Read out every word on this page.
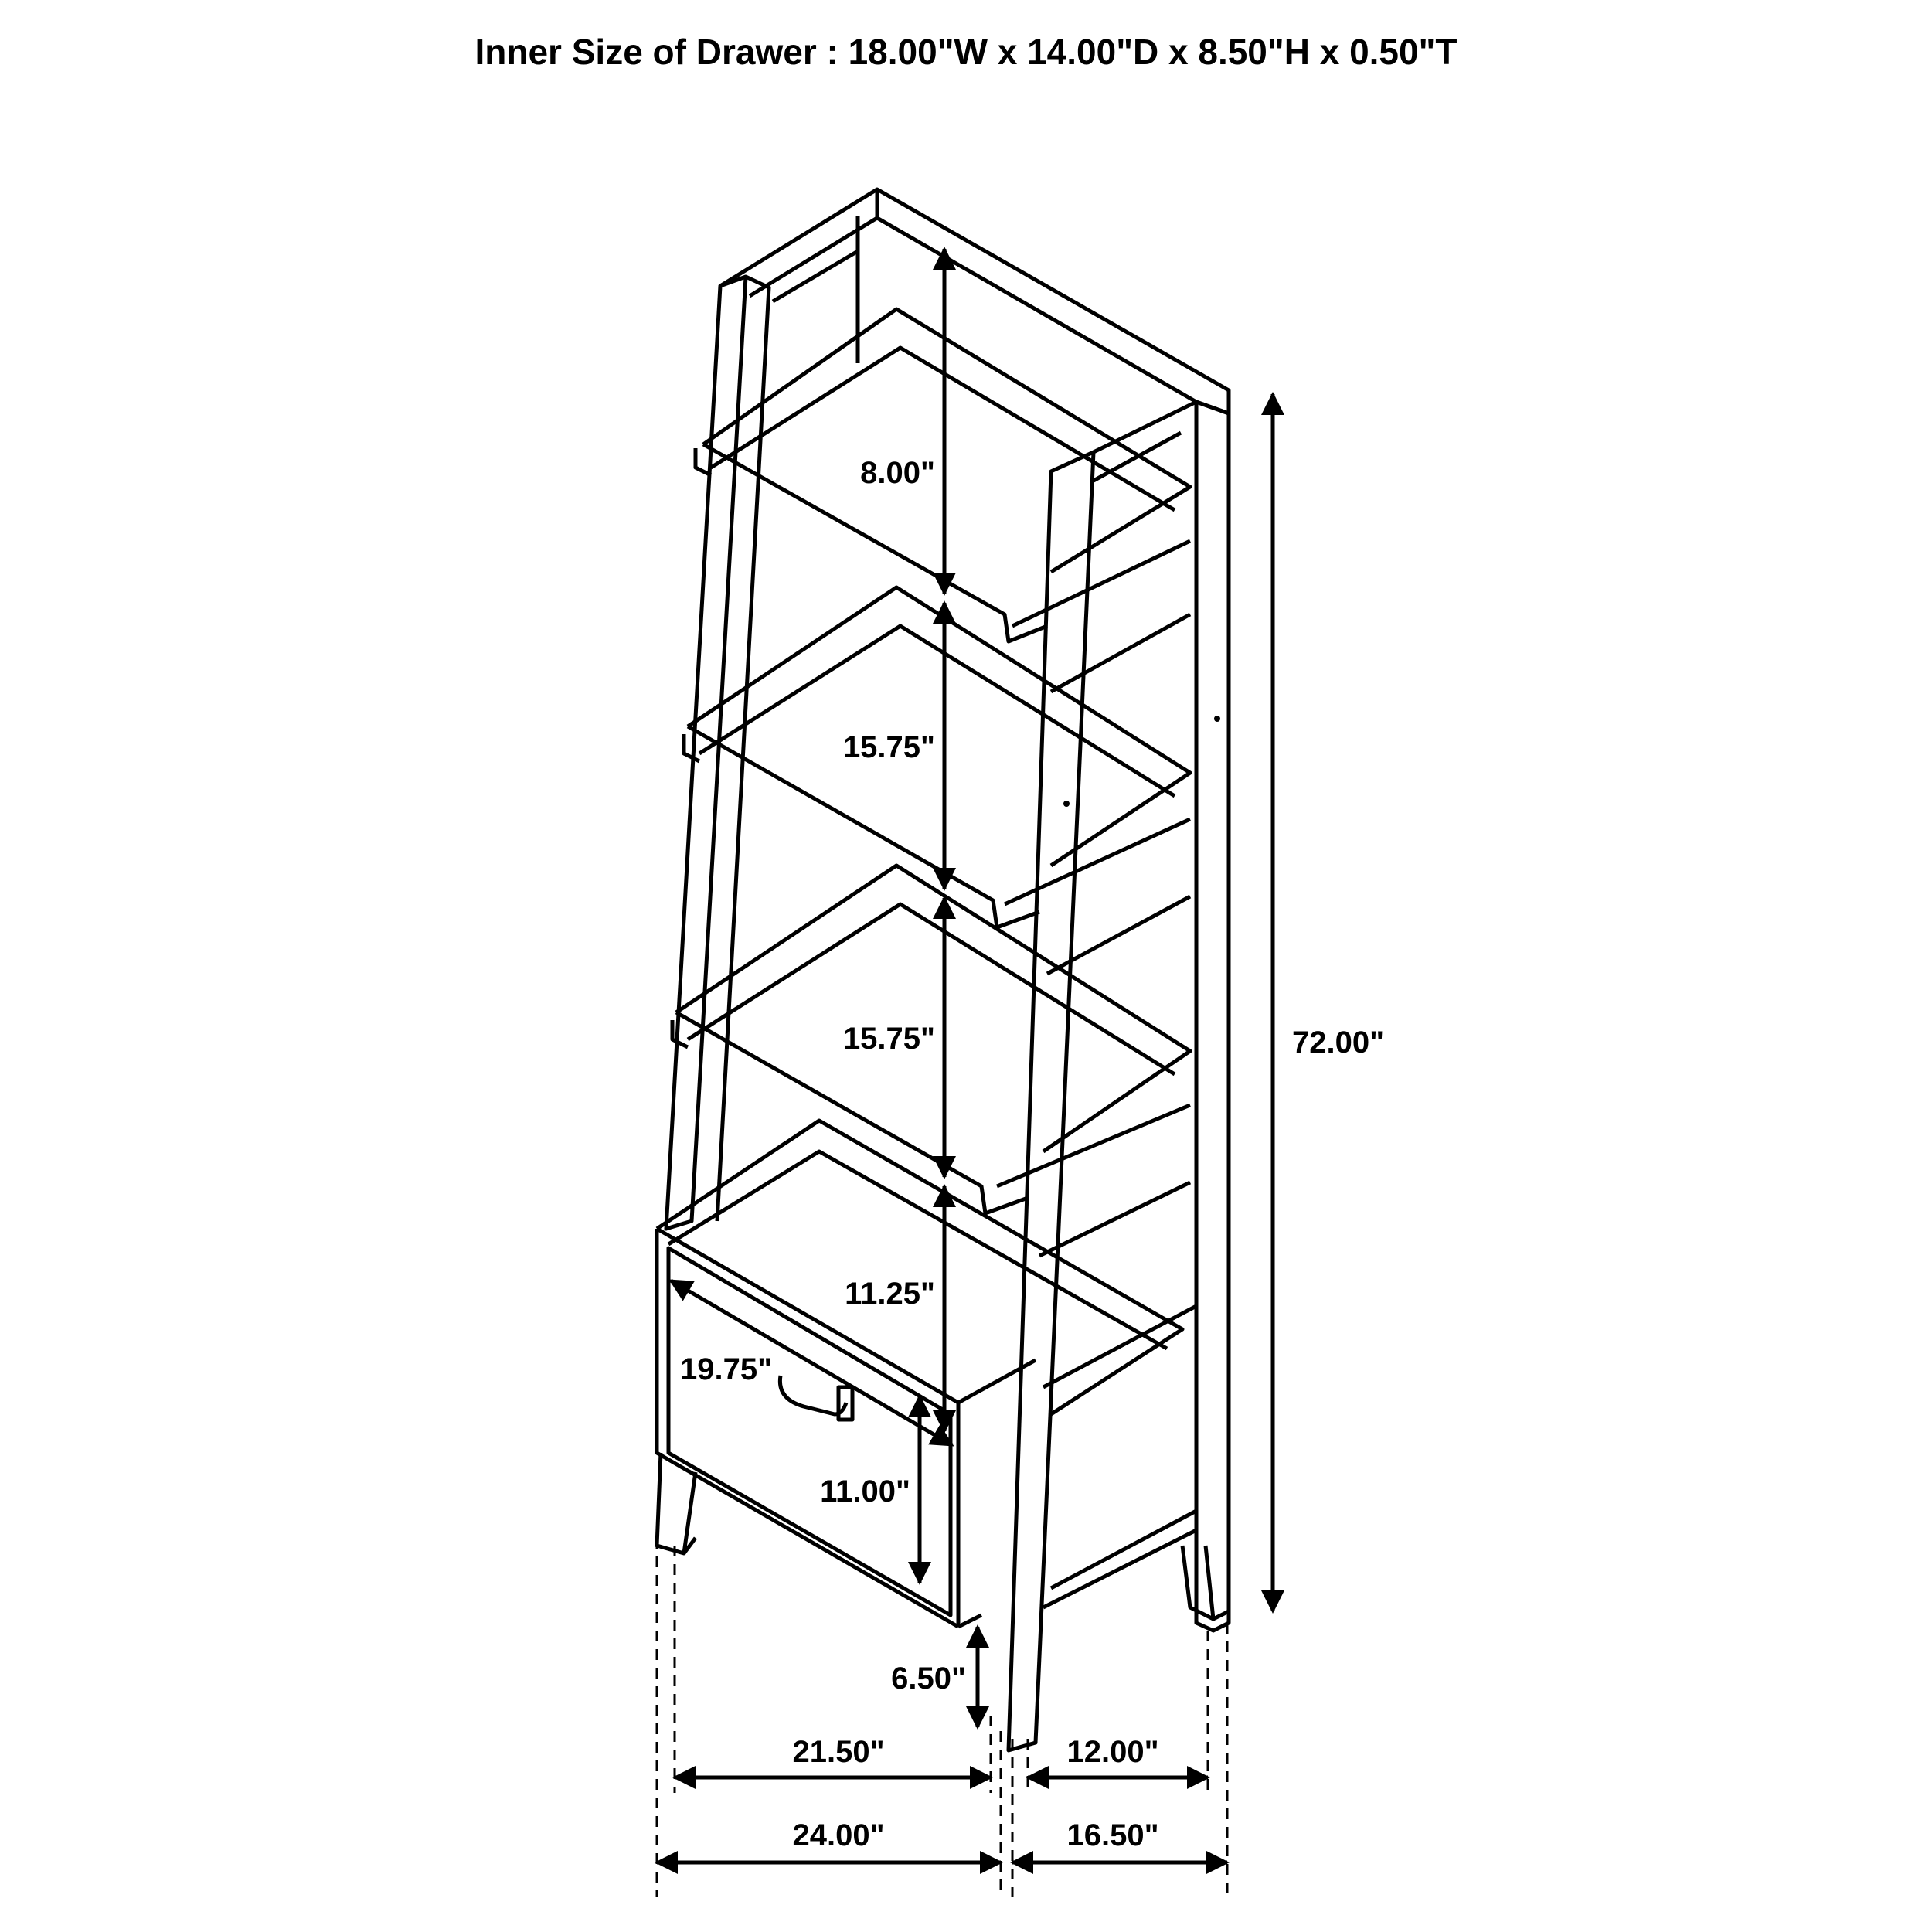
Inner Size of Drawer : 18.00"W x 14.00"D x 8.50"H x 0.50"T
8.00"
15.75"
15.75"
11.25"
19.75"
11.00"
6.50"
72.00"
21.50"	12.00"
24.00"	16.50"
